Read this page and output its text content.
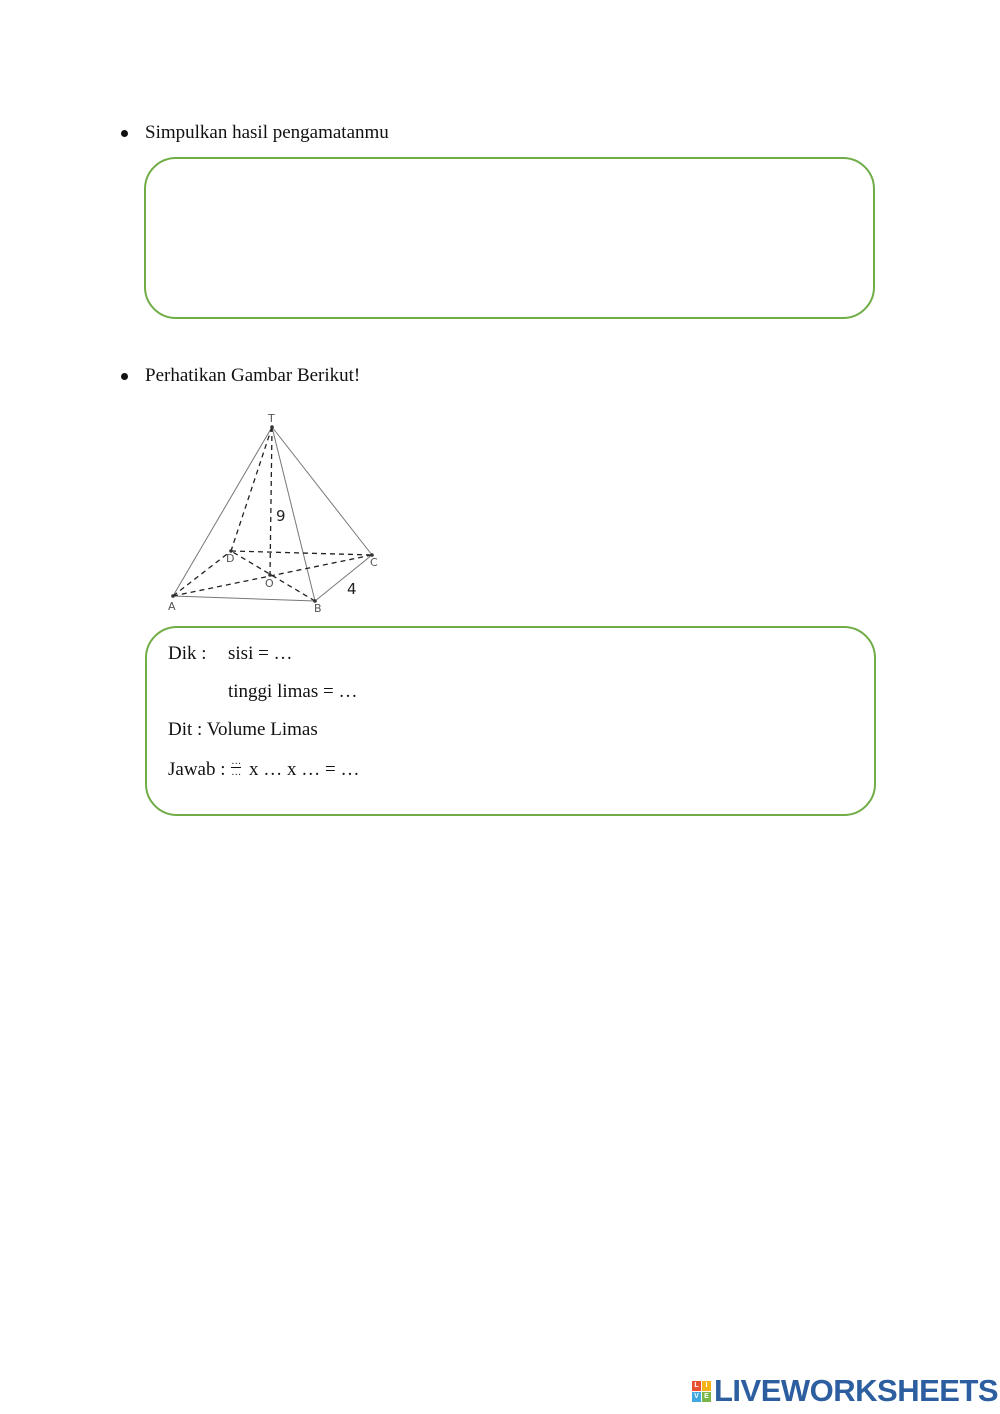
Simpulkan hasil pengamatanmu
Perhatikan Gambar Berikut!
T
D	C
O
A	B
9
4
Dik : sisi = …
tinggi limas = …
Dit : Volume Limas
Jawab : $\frac{\dots}{\dots}$ x … x … = …
L I
V E LIVEWORKSHEETS
